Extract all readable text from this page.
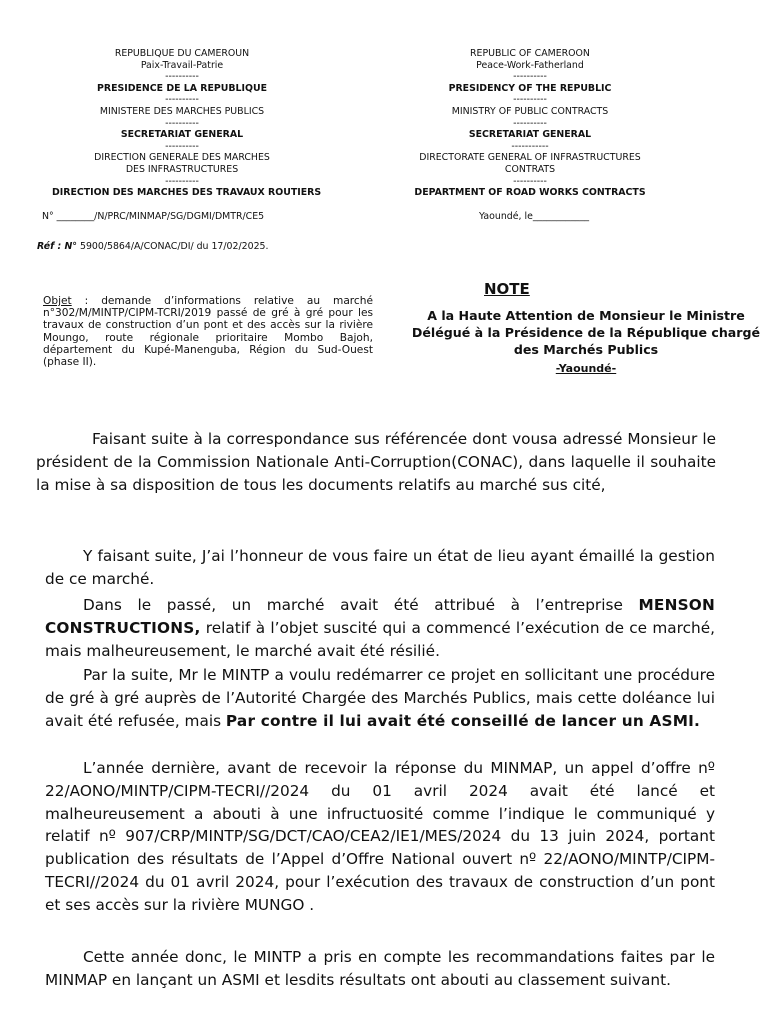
REPUBLIQUE DU CAMEROUN
Paix-Travail-Patrie
----------
PRESIDENCE DE LA REPUBLIQUE
----------
MINISTERE DES MARCHES PUBLICS
----------
SECRETARIAT GENERAL
----------
DIRECTION GENERALE DES MARCHES
DES INFRASTRUCTURES
----------
DIRECTION DES MARCHES DES TRAVAUX ROUTIERS
REPUBLIC OF CAMEROON
Peace-Work-Fatherland
----------
PRESIDENCY OF THE REPUBLIC
----------
MINISTRY OF PUBLIC CONTRACTS
----------
SECRETARIAT GENERAL
-----------
DIRECTORATE GENERAL OF INFRASTRUCTURES
CONTRATS
----------
DEPARTMENT OF ROAD WORKS CONTRACTS
N° ________/N/PRC/MINMAP/SG/DGMI/DMTR/CE5	Yaoundé, le____________
Réf : N° 5900/5864/A/CONAC/DI/ du 17/02/2025.
Objet : demande d’informations relative au marché n°302/M/MINTP/CIPM-TCRI/2019 passé de gré à gré pour les travaux de construction d’un pont et des accès sur la rivière Moungo, route régionale prioritaire Mombo Bajoh, département du Kupé-Manenguba, Région du Sud-Ouest (phase II).
NOTE
A la Haute Attention de Monsieur le Ministre Délégué à la Présidence de la République chargé des Marchés Publics
-Yaoundé-
Faisant suite à la correspondance sus référencée dont vousa adressé Monsieur le président de la Commission Nationale Anti-Corruption(CONAC), dans laquelle il souhaite la mise à sa disposition de tous les documents relatifs au marché sus cité,
Y faisant suite, J’ai l’honneur de vous faire un état de lieu ayant émaillé la gestion de ce marché.
Dans le passé, un marché avait été attribué à l’entreprise MENSON CONSTRUCTIONS, relatif à l’objet suscité qui a commencé l’exécution de ce marché, mais malheureusement, le marché avait été résilié.
Par la suite, Mr le MINTP a voulu redémarrer ce projet en sollicitant une procédure de gré à gré auprès de l’Autorité Chargée des Marchés Publics, mais cette doléance lui avait été refusée, mais Par contre il lui avait été conseillé de lancer un ASMI.
L’année dernière, avant de recevoir la réponse du MINMAP, un appel d’offre nº 22/AONO/MINTP/CIPM-TECRI//2024 du 01 avril 2024 avait été lancé et malheureusement a abouti à une infructuosité comme l’indique le communiqué y relatif nº 907/CRP/MINTP/SG/DCT/CAO/CEA2/IE1/MES/2024 du 13 juin 2024, portant publication des résultats de l’Appel d’Offre National ouvert nº 22/AONO/MINTP/CIPM-TECRI//2024 du 01 avril 2024, pour l’exécution des travaux de construction d’un pont et ses accès sur la rivière MUNGO .
Cette année donc, le MINTP a pris en compte les recommandations faites par le MINMAP en lançant un ASMI et lesdits résultats ont abouti au classement suivant.
